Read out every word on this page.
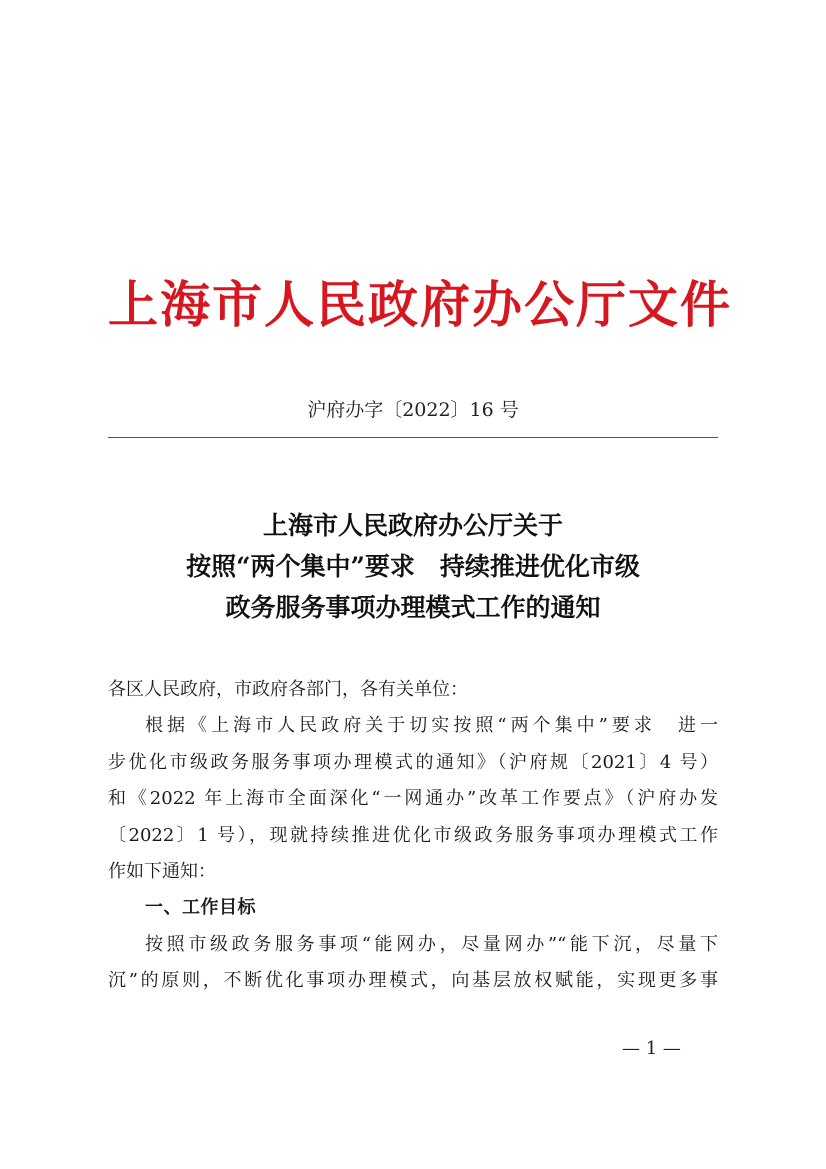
上海市人民政府办公厅文件
沪府办字〔2022〕16 号
上海市人民政府办公厅关于
按照“两个集中”要求　持续推进优化市级
政务服务事项办理模式工作的通知
各区人民政府，市政府各部门，各有关单位：
根据《上海市人民政府关于切实按照“两个集中”要求　进一
步优化市级政务服务事项办理模式的通知》（沪府规〔2021〕4 号）
和《2022 年上海市全面深化“一网通办”改革工作要点》（沪府办发
〔2022〕1 号），现就持续推进优化市级政务服务事项办理模式工作
作如下通知：
一、工作目标
按照市级政务服务事项“能网办，尽量网办”“能下沉，尽量下
沉”的原则，不断优化事项办理模式，向基层放权赋能，实现更多事
— 1 —
